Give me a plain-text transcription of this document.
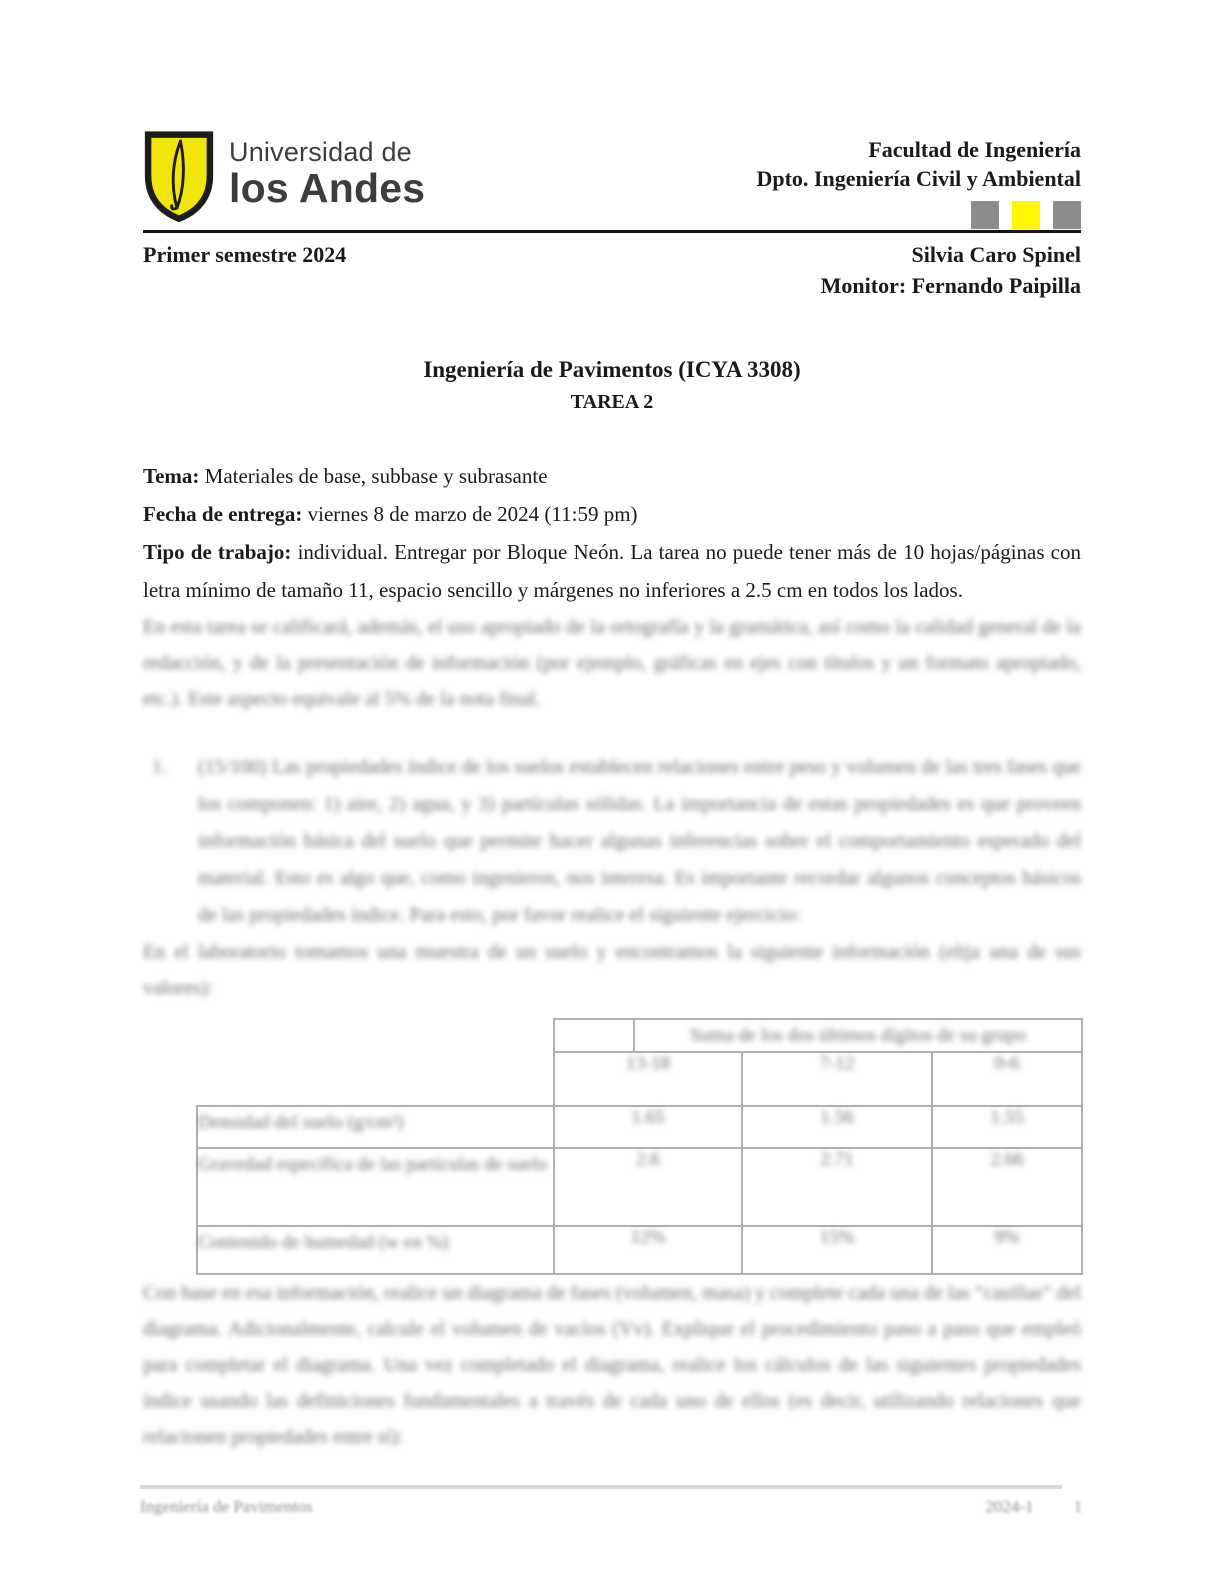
Universidad de
los Andes
Facultad de Ingeniería
Dpto. Ingeniería Civil y Ambiental
Primer semestre 2024	Silvia Caro Spinel
Monitor: Fernando Paipilla
Ingeniería de Pavimentos (ICYA 3308)
TAREA 2

Tema: Materiales de base, subbase y subrasante

Fecha de entrega: viernes 8 de marzo de 2024 (11:59 pm)

Tipo de trabajo: individual. Entregar por Bloque Neón. La tarea no puede tener más de 10 hojas/páginas con letra mínimo de tamaño 11, espacio sencillo y márgenes no inferiores a 2.5 cm en todos los lados.

En esta tarea se calificará, además, el uso apropiado de la ortografía y la gramática, así como la calidad general de la redacción, y de la presentación de información (por ejemplo, gráficas en ejes con títulos y un formato apropiado, etc.). Este aspecto equivale al 5% de la nota final.

1.	(15/100) Las propiedades índice de los suelos establecen relaciones entre peso y volumen de las tres fases que los componen: 1) aire, 2) agua, y 3) partículas sólidas. La importancia de estas propiedades es que proveen información básica del suelo que permite hacer algunas inferencias sobre el comportamiento esperado del material. Esto es algo que, como ingenieros, nos interesa. Es importante recordar algunos conceptos básicos de las propiedades índice. Para esto, por favor realice el siguiente ejercicio:

En el laboratorio tomamos una muestra de un suelo y encontramos la siguiente información (elija una de sus valores):

		Suma de los dos últimos dígitos de su grupo		
	13-18		7-12	0-6
Densidad del suelo (g/cm³)	1.65		1.56	1.55
Gravedad específica de las partículas de suelo	2.6		2.71	2.66
Contenido de humedad (w en %)	12%		15%	9%

Con base en esa información, realice un diagrama de fases (volumen, masa) y complete cada una de las “casillas” del diagrama. Adicionalmente, calcule el volumen de vacíos (Vv). Explique el procedimiento paso a paso que empleó para completar el diagrama. Una vez completado el diagrama, realice los cálculos de las siguientes propiedades índice usando las definiciones fundamentales a través de cada uno de ellos (es decir, utilizando relaciones que relacionen propiedades entre sí):

Ingeniería de Pavimentos	2024-1 1
